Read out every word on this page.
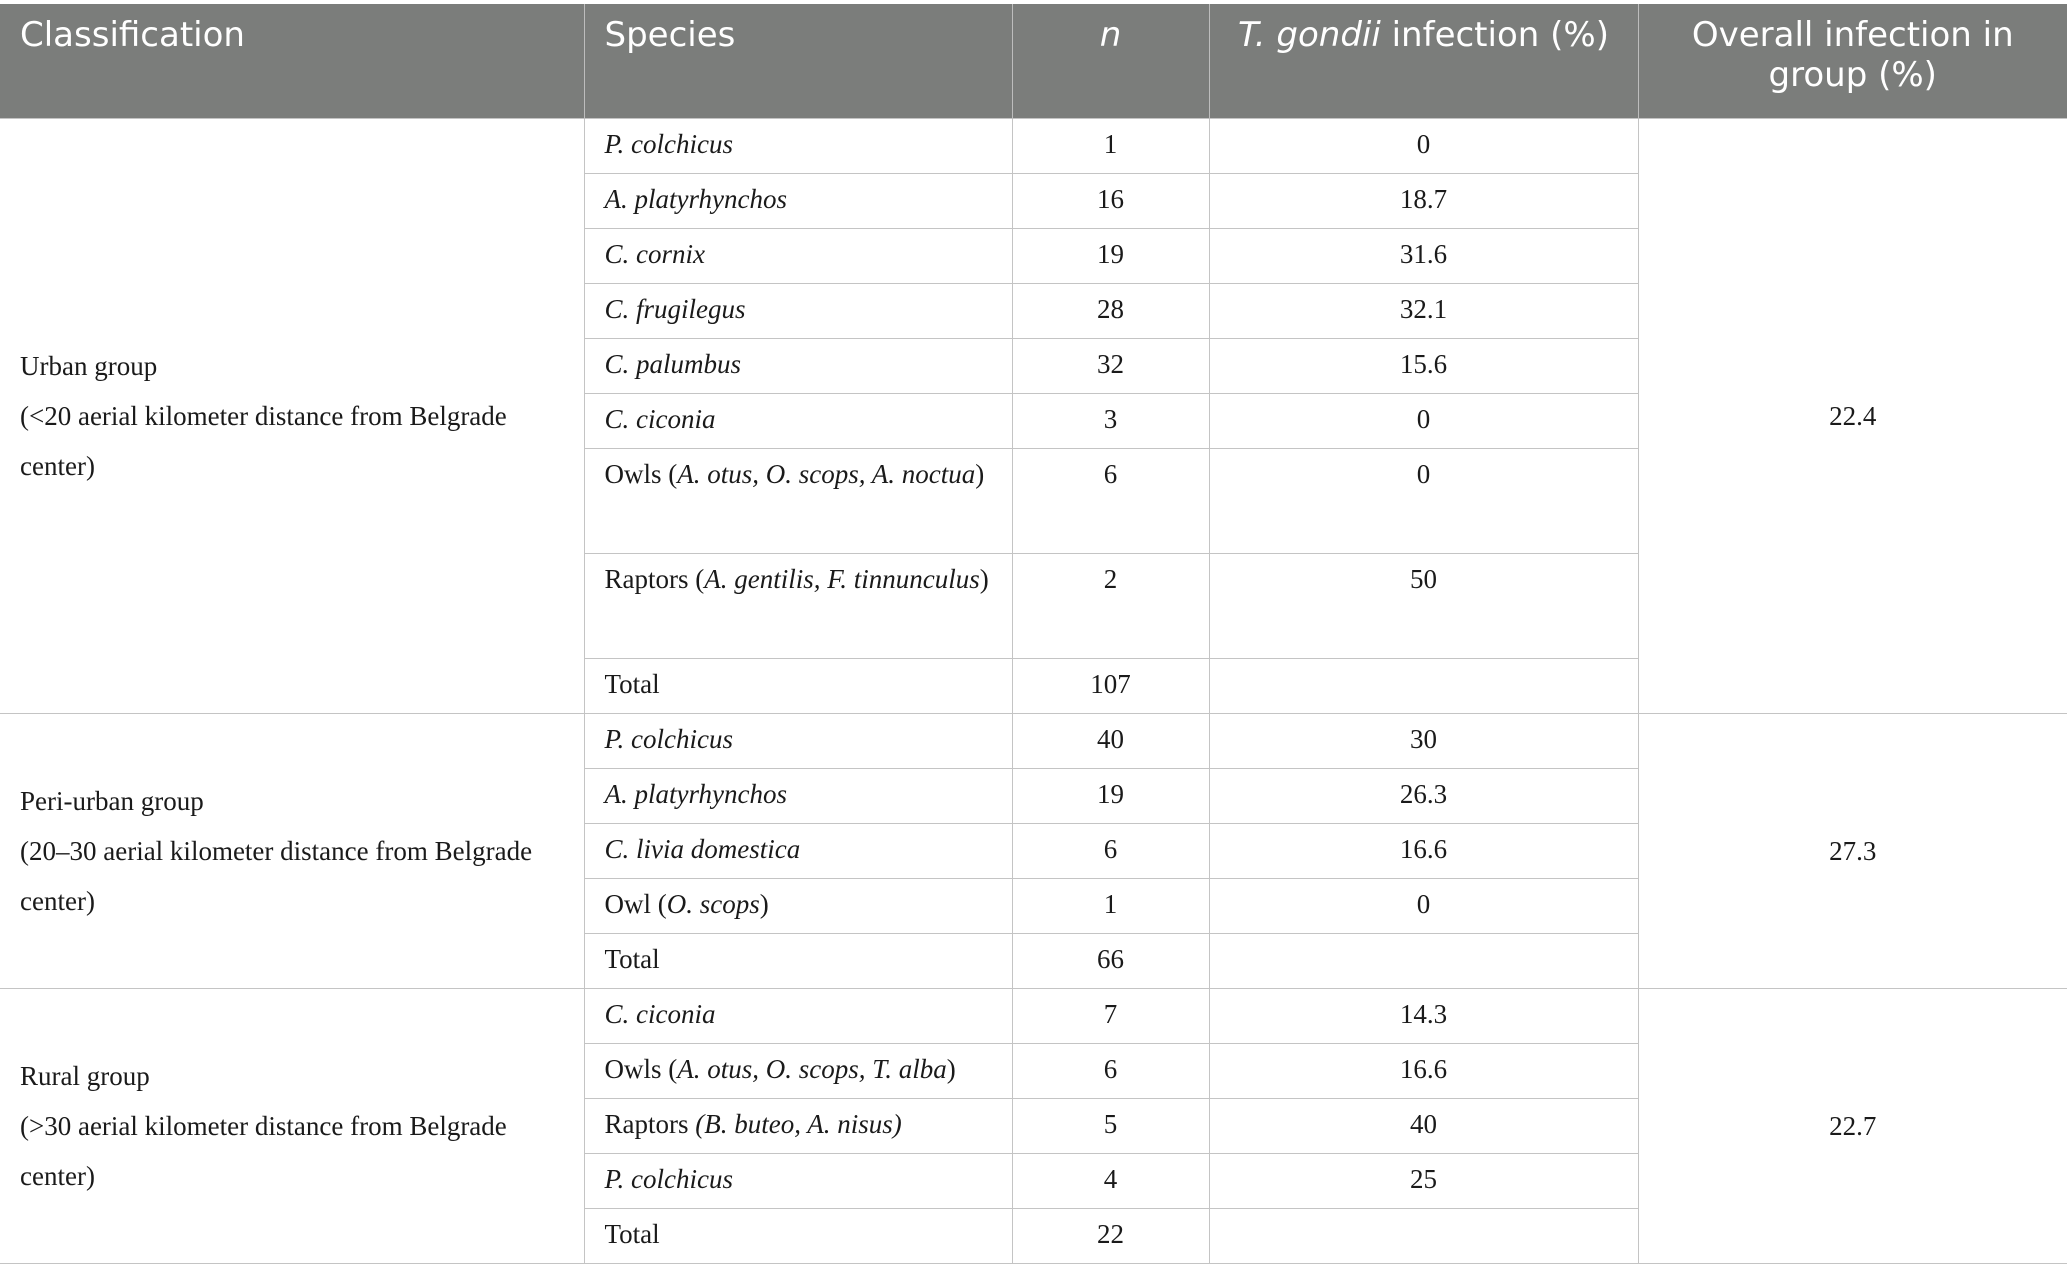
Classification	Species	n	T. gondii infection (%)	Overall infection in group (%)

Urban group
(<20 aerial kilometer distance from Belgrade center)	P. colchicus	1	0	22.4
	A. platyrhynchos	16	18.7	
	C. cornix	19	31.6	
	C. frugilegus	28	32.1	
	C. palumbus	32	15.6	
	C. ciconia	3	0	
	Owls (A. otus, O. scops, A. noctua)	6	0	
	Raptors (A. gentilis, F. tinnunculus)	2	50	
	Total	107		

Peri-urban group
(20–30 aerial kilometer distance from Belgrade center)	P. colchicus	40	30	27.3
	A. platyrhynchos	19	26.3	
	C. livia domestica	6	16.6	
	Owl (O. scops)	1	0	
	Total	66		

Rural group
(>30 aerial kilometer distance from Belgrade center)	C. ciconia	7	14.3	22.7
	Owls (A. otus, O. scops, T. alba)	6	16.6	
	Raptors (B. buteo, A. nisus)	5	40	
	P. colchicus	4	25	
	Total	22		
